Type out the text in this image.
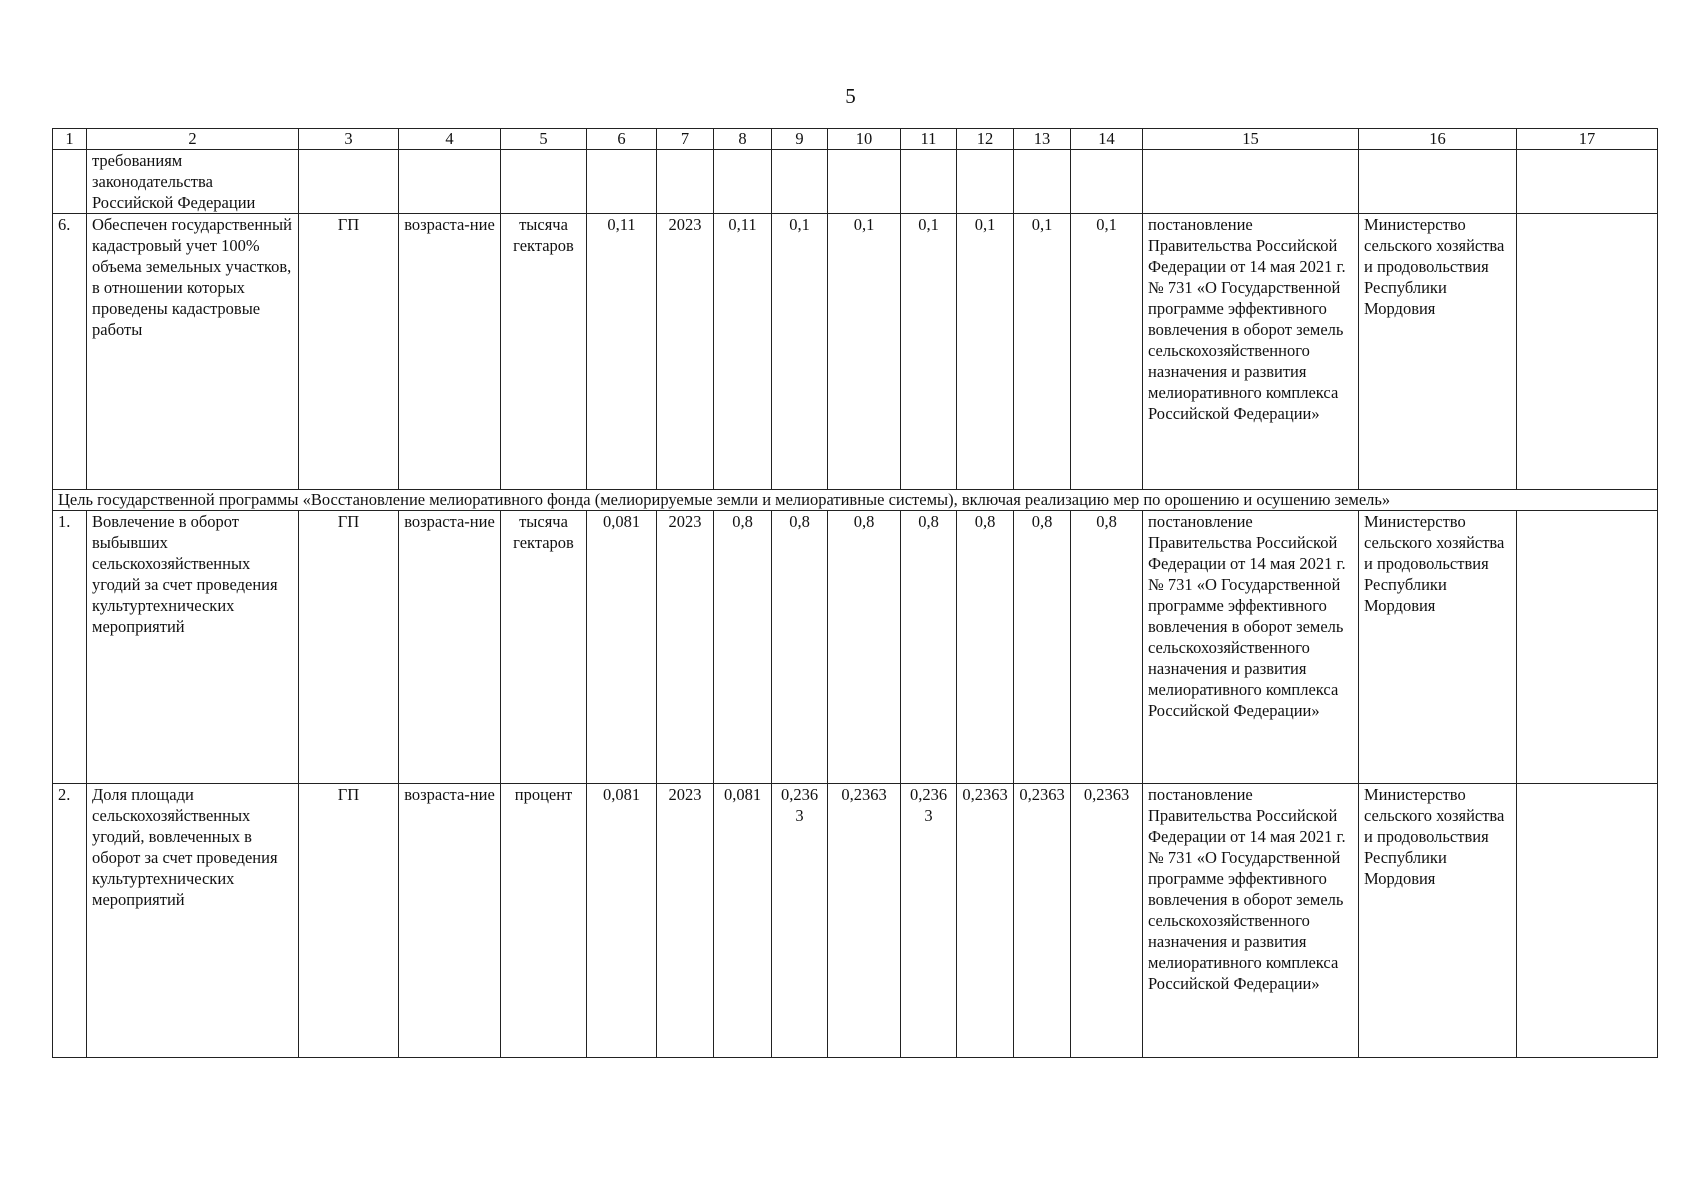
5
1	2	3	4	5	6	7	8	9	10	11	12	13	14	15	16	17
	требованиям законодательства Российской Федерации															
6.	Обеспечен государственный кадастровый учет 100% объема земельных участков, в отношении которых проведены кадастровые работы	ГП	возраста-ние	тысяча гектаров	0,11	2023	0,11	0,1	0,1	0,1	0,1	0,1	0,1	постановление Правительства Российской Федерации от 14 мая 2021 г. № 731 «О Государственной программе эффективного вовлечения в оборот земель сельскохозяйственного назначения и развития мелиоративного комплекса Российской Федерации»	Министерство сельского хозяйства и продовольствия Республики Мордовия	
Цель государственной программы «Восстановление мелиоративного фонда (мелиорируемые земли и мелиоративные системы), включая реализацию мер по орошению и осушению земель»																
1.	Вовлечение в оборот выбывших сельскохозяйственных угодий за счет проведения культуртехнических мероприятий	ГП	возраста-ние	тысяча гектаров	0,081	2023	0,8	0,8	0,8	0,8	0,8	0,8	0,8	постановление Правительства Российской Федерации от 14 мая 2021 г. № 731 «О Государственной программе эффективного вовлечения в оборот земель сельскохозяйственного назначения и развития мелиоративного комплекса Российской Федерации»	Министерство сельского хозяйства и продовольствия Республики Мордовия	
2.	Доля площади сельскохозяйственных угодий, вовлеченных в оборот за счет проведения культуртехнических мероприятий	ГП	возраста-ние	процент	0,081	2023	0,081	0,2363	0,2363	0,2363	0,2363	0,2363	0,2363	постановление Правительства Российской Федерации от 14 мая 2021 г. № 731 «О Государственной программе эффективного вовлечения в оборот земель сельскохозяйственного назначения и развития мелиоративного комплекса Российской Федерации»	Министерство сельского хозяйства и продовольствия Республики Мордовия	
